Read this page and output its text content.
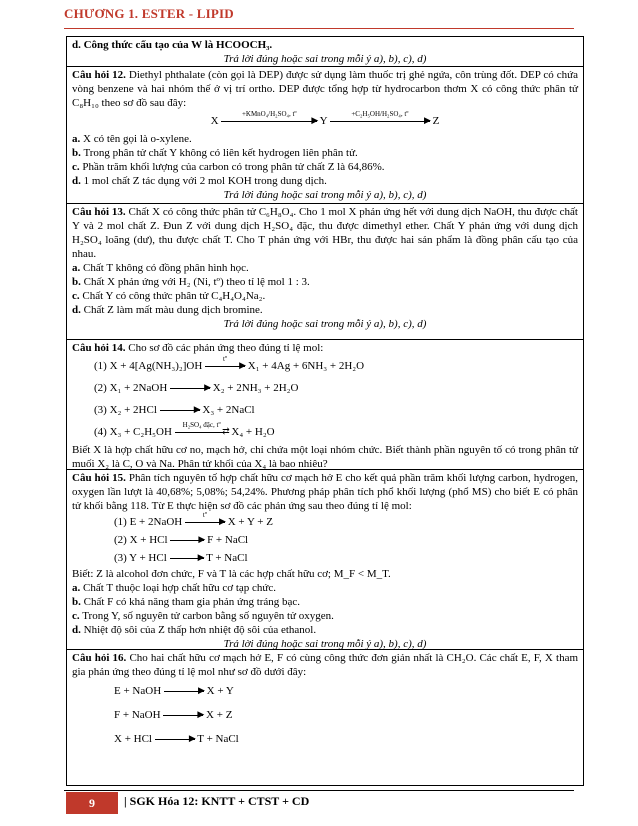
CHƯƠNG 1. ESTER - LIPID
d. Công thức cấu tạo của W là HCOOCH₃.
Trả lời đúng hoặc sai trong mỗi ý a), b), c), d)
Câu hỏi 12. Diethyl phthalate (còn gọi là DEP) được sử dụng làm thuốc trị ghẻ ngứa, côn trùng đốt. DEP có chứa vòng benzene và hai nhóm thế ở vị trí ortho. DEP được tổng hợp từ hydrocarbon thơm X có công thức phân tử C₈H₁₀ theo sơ đồ sau đây:
X
+KMnO₄/H₂SO₄, tº
▶ Y
+C₂H₅OH/H₂SO₄, tº
▶ Z
a. X có tên gọi là o-xylene.
b. Trong phân tử chất Y không có liên kết hydrogen liên phân tử.
c. Phần trăm khối lượng của carbon có trong phân tử chất Z là 64,86%.
d. 1 mol chất Z tác dụng với 2 mol KOH trong dung dịch.
Trả lời đúng hoặc sai trong mỗi ý a), b), c), d)
Câu hỏi 13. Chất X có công thức phân tử C₆H₈O₄. Cho 1 mol X phản ứng hết với dung dịch NaOH, thu được chất Y và 2 mol chất Z. Đun Z với dung dịch H₂SO₄ đặc, thu được dimethyl ether. Chất Y phản ứng với dung dịch H₂SO₄ loãng (dư), thu được chất T. Cho T phản ứng với HBr, thu được hai sản phẩm là đồng phân cấu tạo của nhau.
a. Chất T không có đồng phân hình học.
b. Chất X phản ứng với H₂ (Ni, tº) theo tỉ lệ mol 1 : 3.
c. Chất Y có công thức phân tử C₄H₄O₄Na₂.
d. Chất Z làm mất màu dung dịch bromine.
Trả lời đúng hoặc sai trong mỗi ý a), b), c), d)
Câu hỏi 14. Cho sơ đồ các phản ứng theo đúng tỉ lệ mol:
(1) X + 4[Ag(NH₃)₂]OH
tº
▶ X₁ + 4Ag + 6NH₃ + 2H₂O
(2) X₁ + 2NaOH	▶ X₂ + 2NH₃ + 2H₂O
(3) X₂ + 2HCl	▶ X₃ + 2NaCl
(4) X₃ + C₂H₅OH
H₂SO₄ đặc, tº
⇄ X₄ + H₂O
Biết X là hợp chất hữu cơ no, mạch hở, chỉ chứa một loại nhóm chức. Biết thành phần nguyên tố có trong phân tử muối X₂ là C, O và Na. Phân tử khối của X₄ là bao nhiêu?
Câu hỏi 15. Phân tích nguyên tố hợp chất hữu cơ mạch hở E cho kết quả phần trăm khối lượng carbon, hydrogen, oxygen lần lượt là 40,68%; 5,08%; 54,24%. Phương pháp phân tích phổ khối lượng (phổ MS) cho biết E có phân tử khối bằng 118. Từ E thực hiện sơ đồ các phản ứng sau theo đúng tỉ lệ mol:
(1) E + 2NaOH
tº
▶ X + Y + Z
(2) X + HCl	▶ F + NaCl
(3) Y + HCl	▶ T + NaCl
Biết: Z là alcohol đơn chức, F và T là các hợp chất hữu cơ; M_F < M_T.
a. Chất T thuộc loại hợp chất hữu cơ tạp chức.
b. Chất F có khả năng tham gia phản ứng tráng bạc.
c. Trong Y, số nguyên tử carbon bằng số nguyên tử oxygen.
d. Nhiệt độ sôi của Z thấp hơn nhiệt độ sôi của ethanol.
Trả lời đúng hoặc sai trong mỗi ý a), b), c), d)
Câu hỏi 16. Cho hai chất hữu cơ mạch hở E, F có cùng công thức đơn giản nhất là CH₂O. Các chất E, F, X tham gia phản ứng theo đúng tỉ lệ mol như sơ đồ dưới đây:
E + NaOH	▶ X + Y
F + NaOH	▶ X + Z
X + HCl	▶ T + NaCl
9	| SGK Hóa 12: KNTT + CTST + CD
